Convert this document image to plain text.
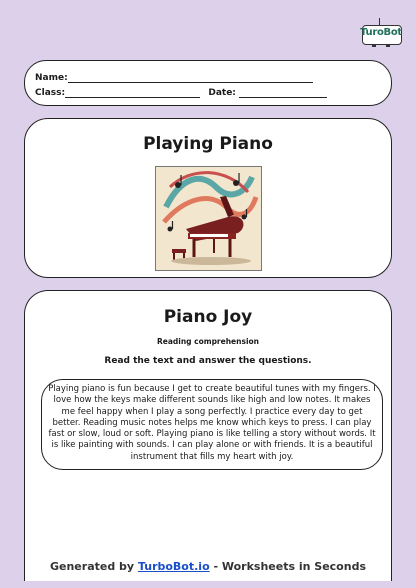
TuroBot
Name:
Class:	Date:
Playing Piano
Piano Joy
Reading comprehension
Read the text and answer the questions.
Playing piano is fun because I get to create beautiful tunes with my fingers. I love how the keys make different sounds like high and low notes. It makes me feel happy when I play a song perfectly. I practice every day to get better. Reading music notes helps me know which keys to press. I can play fast or slow, loud or soft. Playing piano is like telling a story without words. It is like painting with sounds. I can play alone or with friends. It is a beautiful instrument that fills my heart with joy.
Generated by TurboBot.io - Worksheets in Seconds
